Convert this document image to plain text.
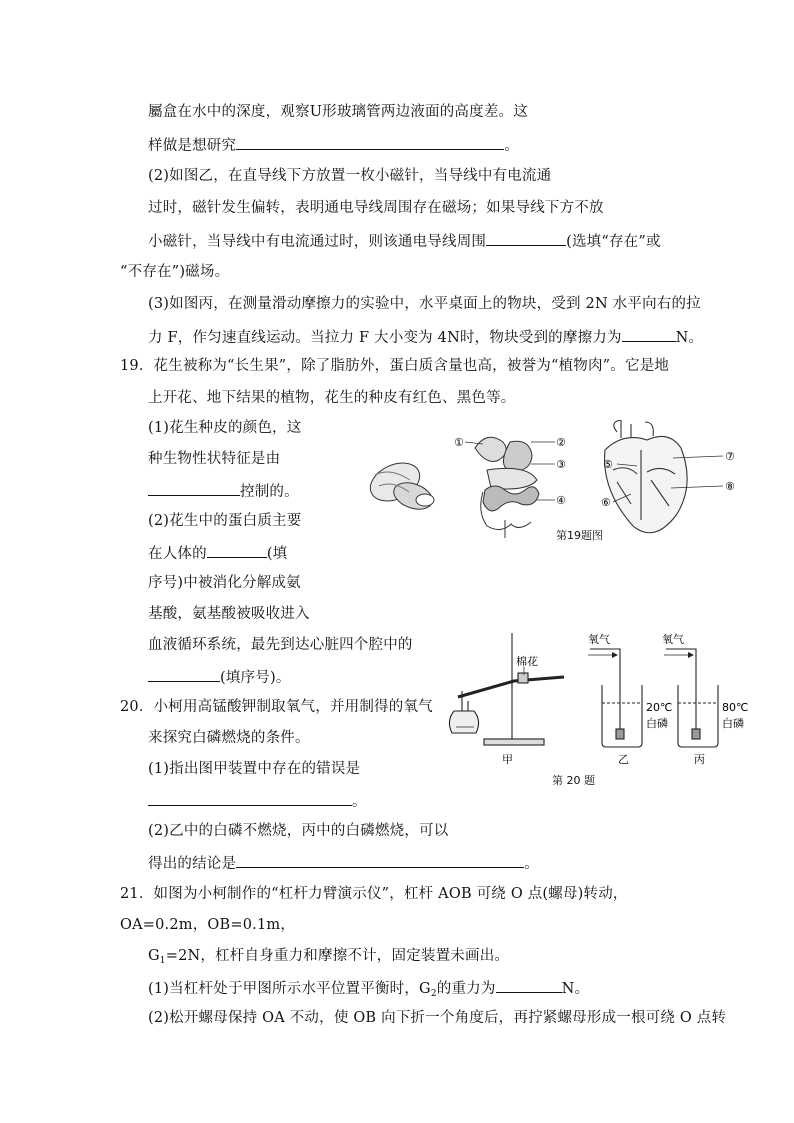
屬盒在水中的深度，观察U形玻璃管两边液面的高度差。这
样做是想研究	。
(2)如图乙，在直导线下方放置一枚小磁针，当导线中有电流通
过时，磁针发生偏转，表明通电导线周围存在磁场；如果导线下方不放
小磁针，当导线中有电流通过时，则该通电导线周围	(选填“存在”或
“不存在”)磁场。
(3)如图丙，在测量滑动摩擦力的实验中，水平桌面上的物块，受到 2N 水平向右的拉
力 F，作匀速直线运动。当拉力 F 大小变为 4N时，物块受到的摩擦力为	N。
19．花生被称为“长生果”，除了脂肪外，蛋白质含量也高，被誉为“植物肉”。它是地
上开花、地下结果的植物，花生的种皮有红色、黑色等。
(1)花生种皮的颜色，这
种生物性状特征是由
控制的。
(2)花生中的蛋白质主要
在人体的	(填
序号)中被消化分解成氨
基酸，氨基酸被吸收进入
血液循环系统，最先到达心脏四个腔中的
(填序号)。
20．小柯用高锰酸钾制取氧气，并用制得的氧气
来探究白磷燃烧的条件。
(1)指出图甲装置中存在的错误是
。
(2)乙中的白磷不燃烧，丙中的白磷燃烧，可以
得出的结论是	。
21．如图为小柯制作的“杠杆力臂演示仪”，杠杆 AOB 可绕 O 点(螺母)转动，
OA=0.2m，OB=0.1m，
$G_1=2N$，杠杆自身重力和摩擦不计，固定装置未画出。
(1)当杠杆处于甲图所示水平位置平衡时，$G_2$的重力为	N。
(2)松开螺母保持 OA 不动，使 OB 向下折一个角度后，再拧紧螺母形成一根可绕 O 点转
①	②
③
④
⑤
⑥
⑦
⑧
第19题图
棉花
甲
氧气
20℃
白磷
乙
氧气
80℃
白磷
丙
第 20 题
